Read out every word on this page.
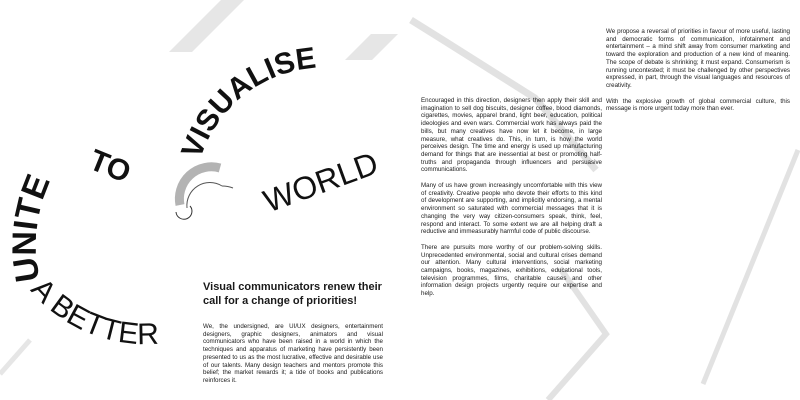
UNITE TO VISUALISE
A BETTER
WORLD
Visual communicators renew their call for a change of priorities!

We, the undersigned, are UI/UX designers, entertainment designers, graphic designers, animators and visual communicators who have been raised in a world in which the techniques and apparatus of marketing have persistently been presented to us as the most lucrative, effective and desirable use of our talents. Many design teachers and mentors promote this belief; the market rewards it; a tide of books and publications reinforces it.

Encouraged in this direction, designers then apply their skill and imagination to sell dog biscuits, designer coffee, blood diamonds, cigarettes, movies, apparel brand, light beer, education, political ideologies and even wars. Commercial work has always paid the bills, but many creatives have now let it become, in large measure, what creatives do. This, in turn, is how the world perceives design. The time and energy is used up manufacturing demand for things that are inessential at best or promoting half-truths and propaganda through influencers and persuasive communications.

Many of us have grown increasingly uncomfortable with this view of creativity. Creative people who devote their efforts to this kind of development are supporting, and implicitly endorsing, a mental environment so saturated with commercial messages that it is changing the very way citizen-consumers speak, think, feel, respond and interact. To some extent we are all helping draft a reductive and immeasurably harmful code of public discourse.

There are pursuits more worthy of our problem-solving skills. Unprecedented environmental, social and cultural crises demand our attention. Many cultural interventions, social marketing campaigns, books, magazines, exhibitions, educational tools, television programmes, films, charitable causes and other information design projects urgently require our expertise and help.

We propose a reversal of priorities in favour of more useful, lasting and democratic forms of communication, infotainment and entertainment – a mind shift away from consumer marketing and toward the exploration and production of a new kind of meaning. The scope of debate is shrinking; it must expand. Consumerism is running uncontested; it must be challenged by other perspectives expressed, in part, through the visual languages and resources of creativity.

With the explosive growth of global commercial culture, this message is more urgent today more than ever.
